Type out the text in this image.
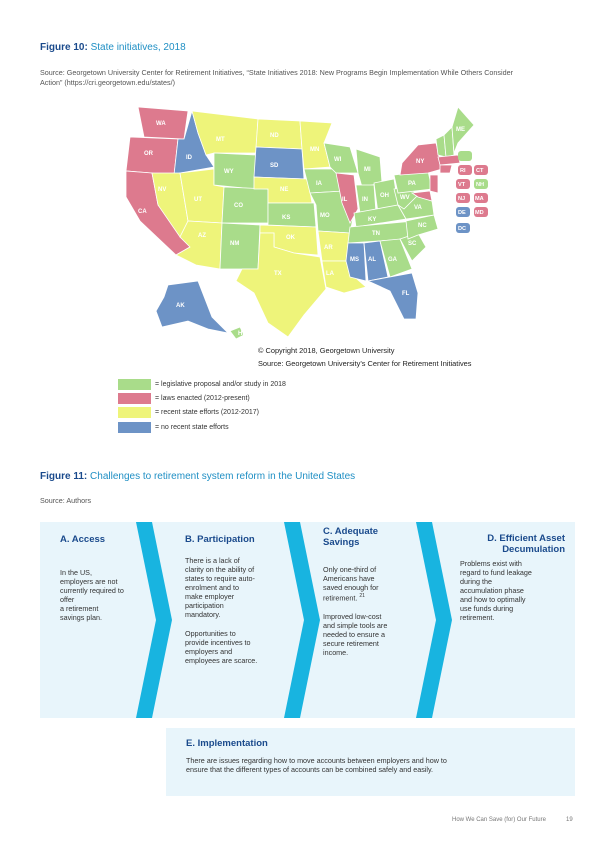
Figure 10: State initiatives, 2018
Source: Georgetown University Center for Retirement Initiatives, “State Initiatives 2018: New Programs Begin Implementation While Others Consider
Action” (https://cri.georgetown.edu/states/)
WA
OR
CA
ID
NV
UT
AZ
MT
WY
CO
NM
ND
SD
NE
KS
OK
TX
MN
IA
MO
AR
LA
WI
IL
MI
IN
OH
KY
TN
MS AL GA
FL
SC
NC
VA
WV
PA
NY
ME
AK
HI
RI CT
VT NH
NJ MA
DE MD
DC
© Copyright 2018, Georgetown University
Source: Georgetown University’s Center for Retirement Initiatives
= legislative proposal and/or study in 2018
= laws enacted (2012-present)
= recent state efforts (2012-2017)
= no recent state efforts
Figure 11: Challenges to retirement system reform in the United States
Source: Authors
A. Access
In the US,
employers are not
currently required to
offer
a retirement
savings plan.
B. Participation
There is a lack of
clarity on the ability of
states to require auto-
enrolment and to
make employer
participation
mandatory.
Opportunities to
provide incentives to
employers and
employees are scarce.
C. Adequate
Savings
Only one-third of
Americans have
saved enough for
retirement. $^{21}$
Improved low-cost
and simple tools are
needed to ensure a
secure retirement
income.
D. Efficient Asset
Decumulation
Problems exist with
regard to fund leakage
during the
accumulation phase
and how to optimally
use funds during
retirement.
E. Implementation
There are issues regarding how to move accounts between employers and how to
ensure that the different types of accounts can be combined safely and easily.
How We Can Save (for) Our Future	19
